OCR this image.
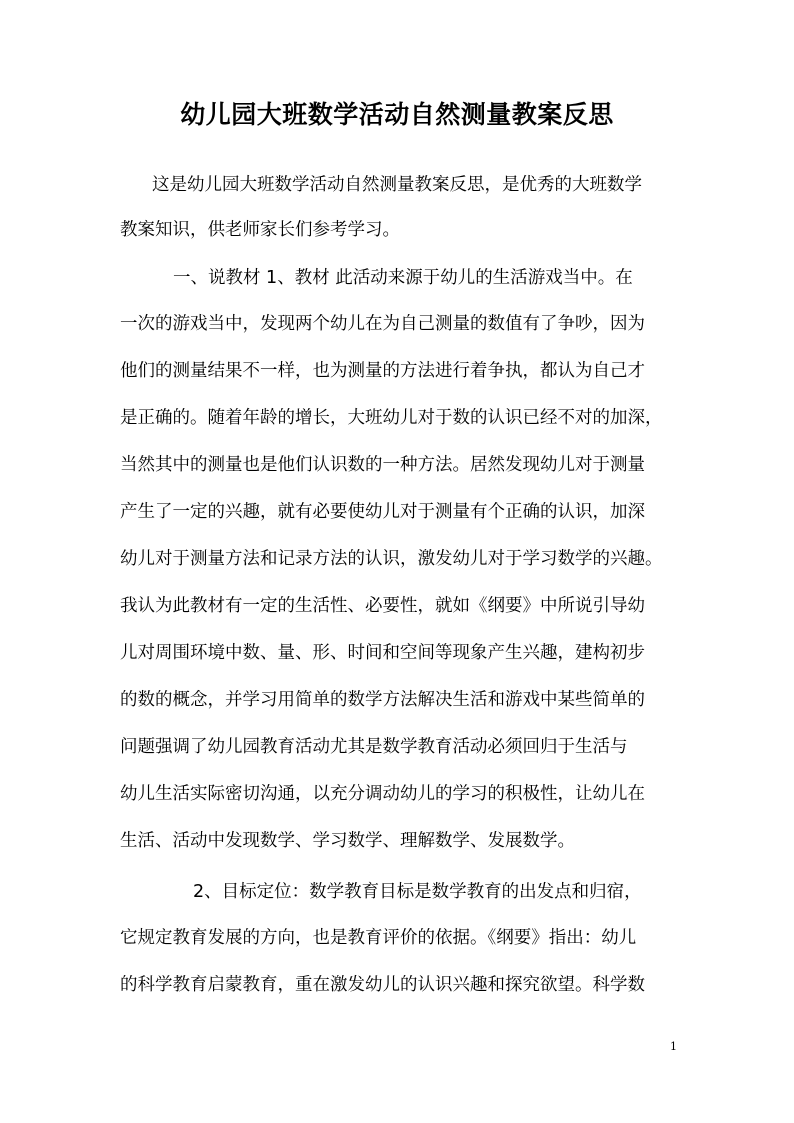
幼儿园大班数学活动自然测量教案反思
这是幼儿园大班数学活动自然测量教案反思，是优秀的大班数学
教案知识，供老师家长们参考学习。
一、说教材 1、教材 此活动来源于幼儿的生活游戏当中。在
一次的游戏当中，发现两个幼儿在为自己测量的数值有了争吵，因为
他们的测量结果不一样，也为测量的方法进行着争执，都认为自己才
是正确的。随着年龄的增长，大班幼儿对于数的认识已经不对的加深，
当然其中的测量也是他们认识数的一种方法。居然发现幼儿对于测量
产生了一定的兴趣，就有必要使幼儿对于测量有个正确的认识，加深
幼儿对于测量方法和记录方法的认识，激发幼儿对于学习数学的兴趣。
我认为此教材有一定的生活性、必要性，就如《纲要》中所说引导幼
儿对周围环境中数、量、形、时间和空间等现象产生兴趣，建构初步
的数的概念，并学习用简单的数学方法解决生活和游戏中某些简单的
问题强调了幼儿园教育活动尤其是数学教育活动必须回归于生活与
幼儿生活实际密切沟通，以充分调动幼儿的学习的积极性，让幼儿在
生活、活动中发现数学、学习数学、理解数学、发展数学。
2、目标定位：数学教育目标是数学教育的出发点和归宿，
它规定教育发展的方向，也是教育评价的依据。《纲要》指出：幼儿
的科学教育启蒙教育，重在激发幼儿的认识兴趣和探究欲望。科学数
1
